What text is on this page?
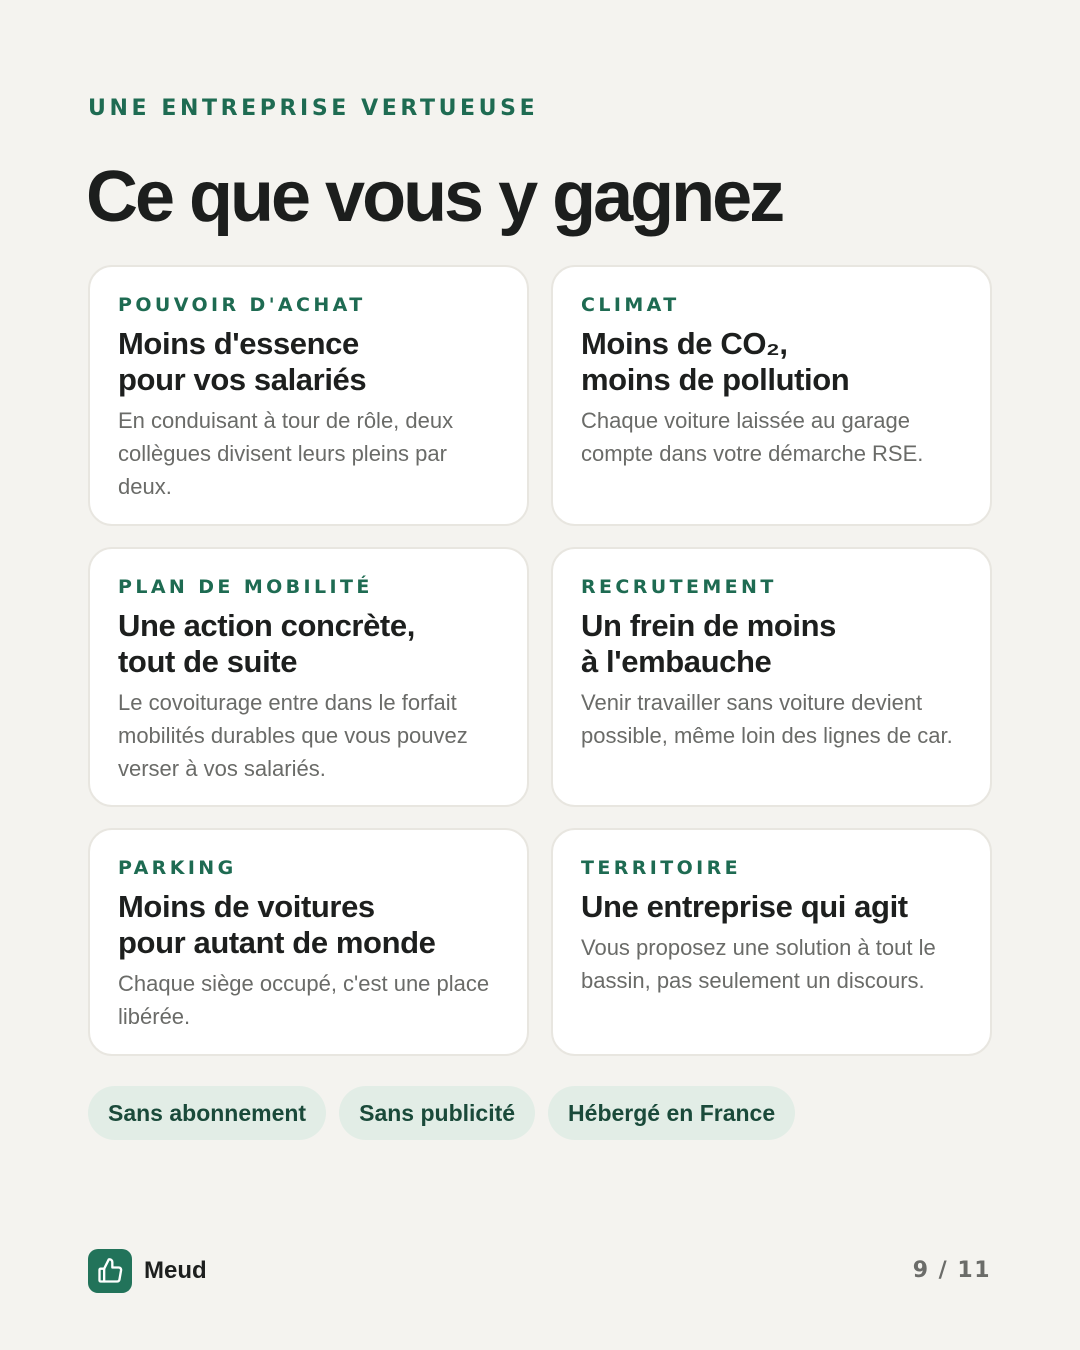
UNE ENTREPRISE VERTUEUSE
Ce que vous y gagnez
POUVOIR D'ACHAT
Moins d'essence
pour vos salariés
En conduisant à tour de rôle, deux collègues divisent leurs pleins par deux.
CLIMAT
Moins de CO₂,
moins de pollution
Chaque voiture laissée au garage compte dans votre démarche RSE.
PLAN DE MOBILITÉ
Une action concrète,
tout de suite
Le covoiturage entre dans le forfait mobilités durables que vous pouvez verser à vos salariés.
RECRUTEMENT
Un frein de moins
à l'embauche
Venir travailler sans voiture devient possible, même loin des lignes de car.
PARKING
Moins de voitures
pour autant de monde
Chaque siège occupé, c'est une place libérée.
TERRITOIRE
Une entreprise qui agit
Vous proposez une solution à tout le bassin, pas seulement un discours.
Sans abonnement	Sans publicité	Hébergé en France
Meud	9 / 11
